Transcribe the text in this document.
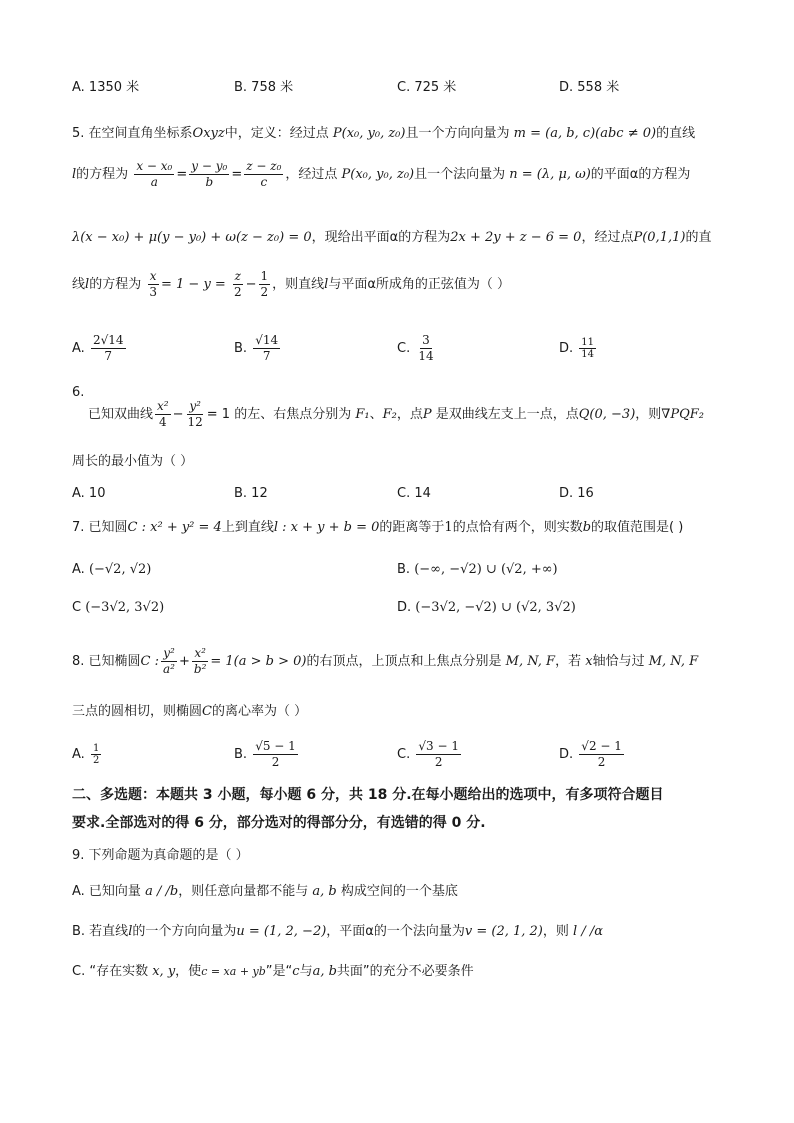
A. 1350 米	B. 758 米	C. 725 米	D. 558 米
5. 在空间直角坐标系Oxyz中，定义：经过点 P(x₀, y₀, z₀)且一个方向向量为 m = (a, b, c)(abc ≠ 0)的直线
l的方程为 $\frac{\text{x − x₀}}{a} = \frac{\text{y − y₀}}{b} = \frac{\text{z − z₀}}{c}$ ，经过点 P(x₀, y₀, z₀)且一个法向量为 n = (λ, μ, ω)的平面α的方程为
λ(x − x₀) + μ(y − y₀) + ω(z − z₀) = 0，现给出平面α的方程为2x + 2y + z − 6 = 0，经过点P(0,1,1)的直
线l的方程为 $\frac{x}{3} = 1 - y = \frac{z}{2} - \frac{1}{2}$ ，则直线l与平面α所成角的正弦值为（ ）
A. $\frac{2√14}{7}$	B. $\frac{√14}{7}$	C. $\frac{3}{14}$	D. $\frac{11}{14}$
6.
已知双曲线 $\frac{\text{x²}}{4} - \frac{\text{y²}}{12} = 1$ 的左、右焦点分别为 F₁、F₂，点P 是双曲线左支上一点，点Q(0, −3)，则∇PQF₂
周长的最小值为（ ）
A. 10	B. 12	C. 14	D. 16
7. 已知圆C : x² + y² = 4上到直线l : x + y + b = 0的距离等于1的点恰有两个，则实数b的取值范围是( )
A. (−√2, √2)	B. (−∞, −√2) ∪ (√2, +∞)
C (−3√2, 3√2)	D. (−3√2, −√2) ∪ (√2, 3√2)
8. 已知椭圆C : $\frac{\text{y²}}{\text{a²}} + \frac{\text{x²}}{\text{b²}} = 1(a > b > 0)$的右顶点，上顶点和上焦点分别是 M, N, F，若 x轴恰与过 M, N, F
三点的圆相切，则椭圆C的离心率为（ ）
A. $\frac{1}{2}$	B. $\frac{√5 - 1}{2}$	C. $\frac{√3 - 1}{2}$	D. $\frac{√2 - 1}{2}$
二、多选题：本题共 3 小题，每小题 6 分，共 18 分.在每小题给出的选项中，有多项符合题目
要求.全部选对的得 6 分，部分选对的得部分分，有选错的得 0 分.
9. 下列命题为真命题的是（ ）
A. 已知向量 a / /b，则任意向量都不能与 a, b 构成空间的一个基底
B. 若直线l的一个方向向量为u = (1, 2, −2)，平面α的一个法向量为v = (2, 1, 2)，则 l / /α
C. “存在实数 x, y，使c = xa + yb”是“c与a, b共面”的充分不必要条件
